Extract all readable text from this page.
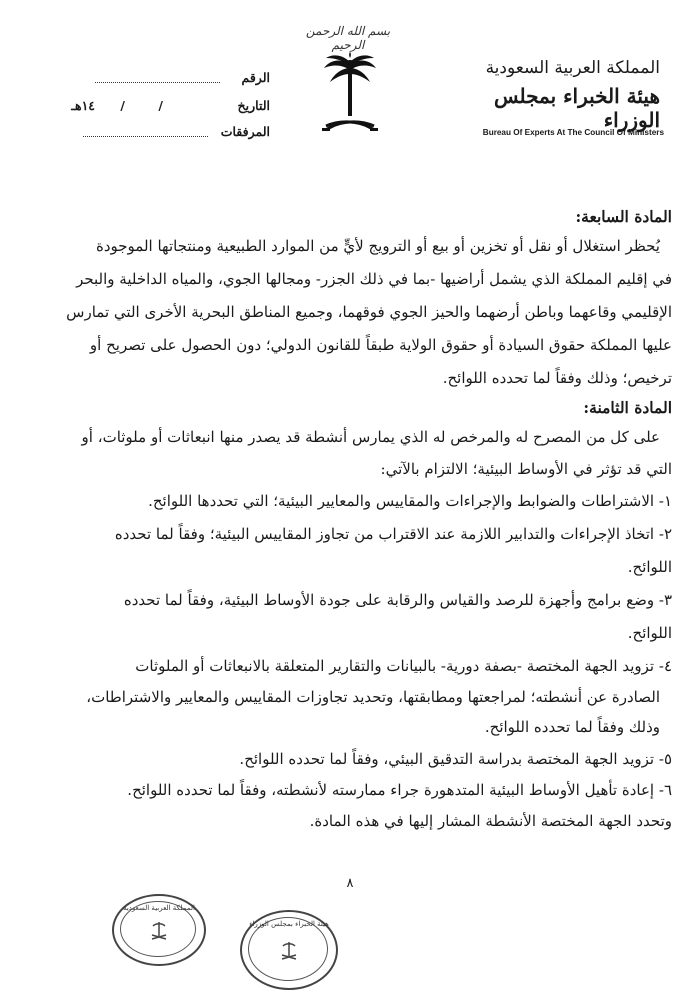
بسم الله الرحمن الرحيم
المملكة العربية السعودية
هيئة الخبراء بمجلس الوزراء
Bureau Of Experts At The Council Of Ministers
الرقم
التاريخ
/	/
١٤هـ
المرفقات
المادة السابعة:
يُحظر استغلال أو نقل أو تخزين أو بيع أو الترويج لأيٍّ من الموارد الطبيعية ومنتجاتها الموجودة
في إقليم المملكة الذي يشمل أراضيها -بما في ذلك الجزر- ومجالها الجوي، والمياه الداخلية والبحر
الإقليمي وقاعهما وباطن أرضهما والحيز الجوي فوقهما، وجميع المناطق البحرية الأخرى التي تمارس
عليها المملكة حقوق السيادة أو حقوق الولاية طبقاً للقانون الدولي؛ دون الحصول على تصريح أو
ترخيص؛ وذلك وفقاً لما تحدده اللوائح.
المادة الثامنة:
على كل من المصرح له والمرخص له الذي يمارس أنشطة قد يصدر منها انبعاثات أو ملوثات، أو
التي قد تؤثر في الأوساط البيئية؛ الالتزام بالآتي:
١- الاشتراطات والضوابط والإجراءات والمقاييس والمعايير البيئية؛ التي تحددها اللوائح.
٢- اتخاذ الإجراءات والتدابير اللازمة عند الاقتراب من تجاوز المقاييس البيئية؛ وفقاً لما تحدده
اللوائح.
٣- وضع برامج وأجهزة للرصد والقياس والرقابة على جودة الأوساط البيئية، وفقاً لما تحدده
اللوائح.
٤- تزويد الجهة المختصة -بصفة دورية- بالبيانات والتقارير المتعلقة بالانبعاثات أو الملوثات
الصادرة عن أنشطته؛ لمراجعتها ومطابقتها، وتحديد تجاوزات المقاييس والمعايير والاشتراطات،
وذلك وفقاً لما تحدده اللوائح.
٥- تزويد الجهة المختصة بدراسة التدقيق البيئي، وفقاً لما تحدده اللوائح.
٦- إعادة تأهيل الأوساط البيئية المتدهورة جراء ممارسته لأنشطته، وفقاً لما تحدده اللوائح.
وتحدد الجهة المختصة الأنشطة المشار إليها في هذه المادة.
٨
المملكة العربية السعودية
هيئة الخبراء بمجلس الوزراء
